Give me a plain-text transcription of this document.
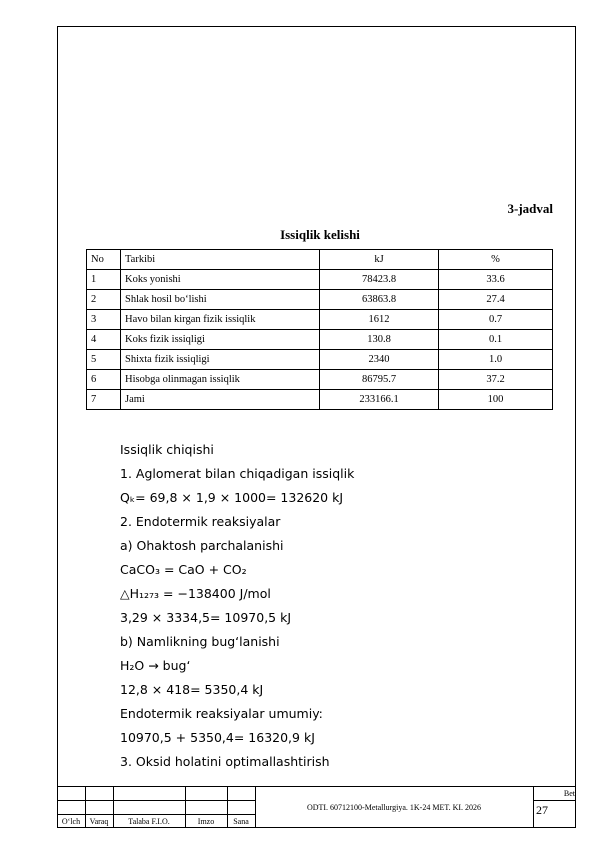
3-jadval
Issiqlik kelishi
No	Tarkibi	kJ	%
1	Koks yonishi	78423.8	33.6
2	Shlak hosil bo‘lishi	63863.8	27.4
3	Havo bilan kirgan fizik issiqlik	1612	0.7
4	Koks fizik issiqligi	130.8	0.1
5	Shixta fizik issiqligi	2340	1.0
6	Hisobga olinmagan issiqlik	86795.7	37.2
7	Jami	233166.1	100
Issiqlik chiqishi
1. Aglomerat bilan chiqadigan issiqlik
Qₖ= 69,8 × 1,9 × 1000= 132620 kJ
2. Endotermik reaksiyalar
a) Ohaktosh parchalanishi
CaCO₃ = CaO + CO₂
△H₁₂₇₃ = −138400 J/mol
3,29 × 3334,5= 10970,5 kJ
b) Namlikning bug‘lanishi
H₂O → bug‘
12,8 × 418= 5350,4 kJ
Endotermik reaksiyalar umumiy:
10970,5 + 5350,4= 16320,9 kJ
3. Oksid holatini optimallashtirish
ODTI. 60712100-Metallurgiya. 1K-24 MET. KI. 2026
O‘lch	Varaq	Talaba F.I.O.	Imzo	Sana
Bet
27
